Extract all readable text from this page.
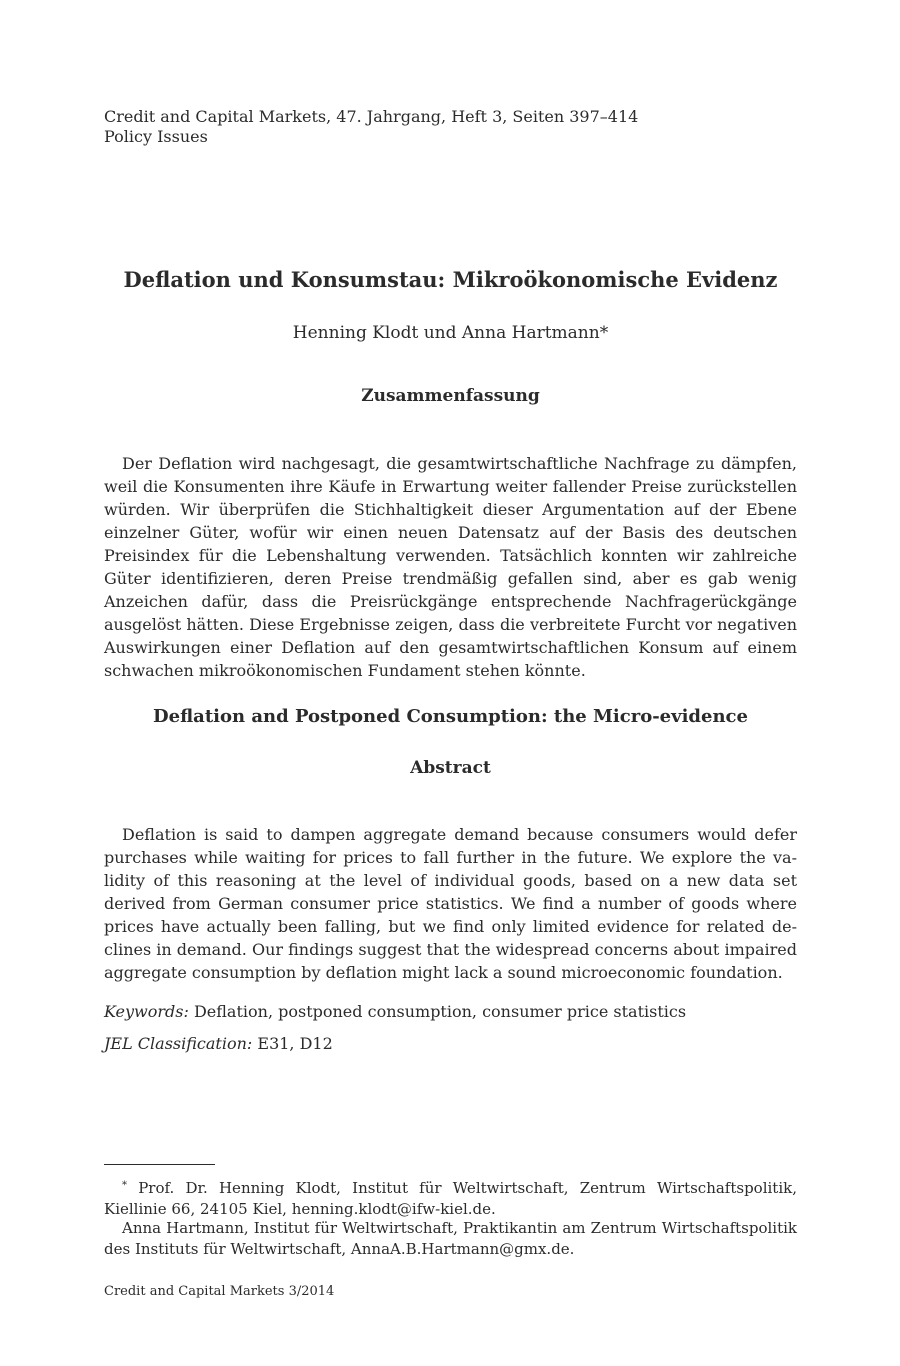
Credit and Capital Markets, 47. Jahrgang, Heft 3, Seiten 397–414
Policy Issues
Deflation und Konsumstau: Mikroökonomische Evidenz
Henning Klodt und Anna Hartmann*
Zusammenfassung

Der Deflation wird nachgesagt, die gesamtwirtschaftliche Nachfrage zu dämpfen, weil die Konsumenten ihre Käufe in Erwartung weiter fallender Preise zurückstellen würden. Wir überprüfen die Stichhaltigkeit dieser Argumentation auf der Ebene einzelner Güter, wofür wir einen neuen Datensatz auf der Basis des deutschen Preisindex für die Lebenshaltung verwenden. Tatsächlich konnten wir zahlreiche Güter identifizieren, deren Preise trendmäßig gefallen sind, aber es gab wenig Anzeichen dafür, dass die Preisrückgänge entsprechende Nachfragerückgänge ausgelöst hätten. Diese Ergebnisse zeigen, dass die verbreitete Furcht vor negativen Auswirkungen einer Deflation auf den gesamtwirtschaftlichen Konsum auf einem schwachen mikroökonomischen Fundament stehen könnte.

Deflation and Postponed Consumption: the Micro-evidence
Abstract

Deflation is said to dampen aggregate demand because consumers would defer purchases while waiting for prices to fall further in the future. We explore the validity of this reasoning at the level of individual goods, based on a new data set derived from German consumer price statistics. We find a number of goods where prices have actually been falling, but we find only limited evidence for related declines in demand. Our findings suggest that the widespread concerns about impaired aggregate consumption by deflation might lack a sound microeconomic foundation.

Keywords: Deflation, postponed consumption, consumer price statistics
JEL Classification: E31, D12
* Prof. Dr. Henning Klodt, Institut für Weltwirtschaft, Zentrum Wirtschaftspolitik, Kiellinie 66, 24105 Kiel, henning.klodt@ifw-kiel.de.
Anna Hartmann, Institut für Weltwirtschaft, Praktikantin am Zentrum Wirtschaftspolitik des Instituts für Weltwirtschaft, AnnaA.B.Hartmann@gmx.de.
Credit and Capital Markets 3/2014
